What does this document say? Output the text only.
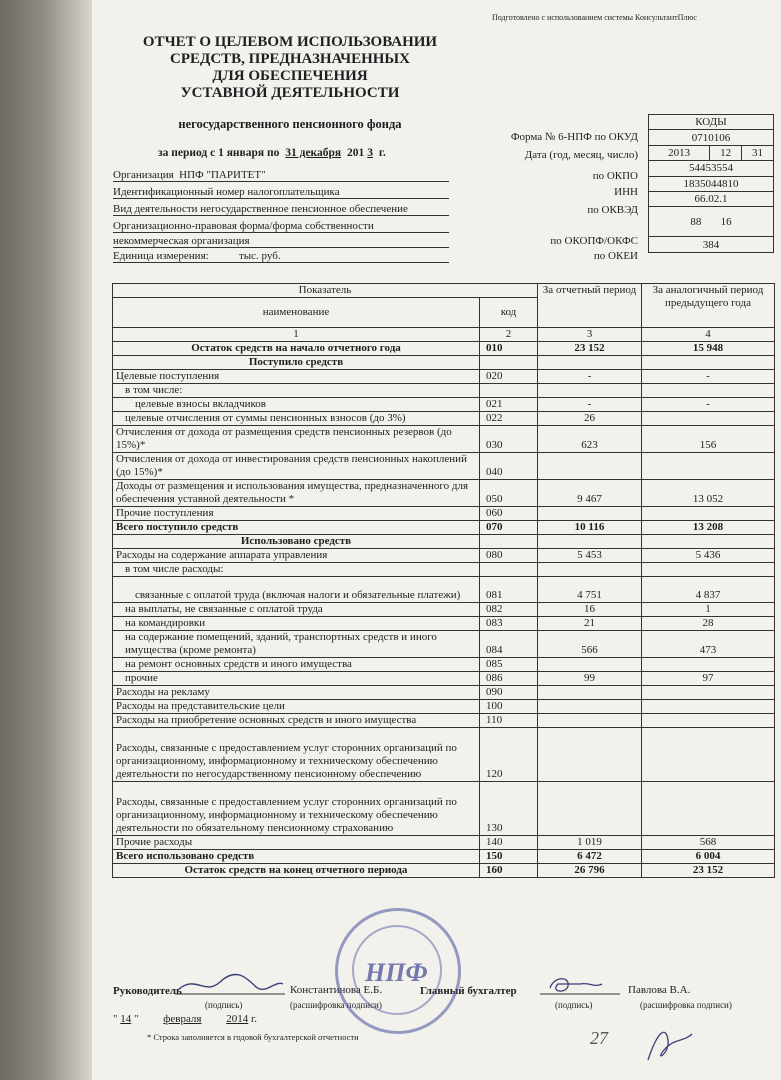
Подготовлено с использованием системы КонсультантПлюс
ОТЧЕТ О ЦЕЛЕВОМ ИСПОЛЬЗОВАНИИ
СРЕДСТВ, ПРЕДНАЗНАЧЕННЫХ
ДЛЯ ОБЕСПЕЧЕНИЯ
УСТАВНОЙ ДЕЯТЕЛЬНОСТИ
негосударственного пенсионного фонда
за период с 1 января по 31 декабря 201 3 г.
Форма № 6-НПФ по ОКУД
Дата (год, месяц, число)
по ОКПО
ИНН
по ОКВЭД
по ОКОПФ/ОКФС
по ОКЕИ
КОДЫ
0710106
2013	12	31
54453554
1835044810
66.02.1
88 16
384
Организация НПФ "ПАРИТЕТ"
Идентификационный номер налогоплательщика
Вид деятельности негосударственное пенсионное обеспечение
Организационно-правовая форма/форма собственности
некоммерческая организация
Единица измерения:	тыс. руб.
Показатель		За отчетный период	За аналогичный период предыдущего года
наименование	код		
1	2	3	4
Остаток средств на начало отчетного года	010	23 152	15 948
Поступило средств			
Целевые поступления	020	-	-
в том числе:			
целевые взносы вкладчиков	021	-	-
целевые отчисления от суммы пенсионных взносов (до 3%)	022	26	
Отчисления от дохода от размещения средств пенсионных резервов (до 15%)*	030	623	156
Отчисления от дохода от инвестирования средств пенсионных накоплений (до 15%)*	040		
Доходы от размещения и использования имущества, предназначенного для обеспечения уставной деятельности *	050	9 467	13 052
Прочие поступления	060		
Всего поступило средств	070	10 116	13 208
Использовано средств			
Расходы на содержание аппарата управления	080	5 453	5 436
в том числе расходы:			
связанные с оплатой труда (включая налоги и обязательные платежи)	081	4 751	4 837
на выплаты, не связанные с оплатой труда	082	16	1
на командировки	083	21	28
на содержание помещений, зданий, транспортных средств и иного имущества (кроме ремонта)	084	566	473
на ремонт основных средств и иного имущества	085		
прочие	086	99	97
Расходы на рекламу	090		
Расходы на представительские цели	100		
Расходы на приобретение основных средств и иного имущества	110		
Расходы, связанные с предоставлением услуг сторонних организаций по организационному, информационному и техническому обеспечению деятельности по негосударственному пенсионному обеспечению	120		
Расходы, связанные с предоставлением услуг сторонних организаций по организационному, информационному и техническому обеспечению деятельности по обязательному пенсионному страхованию	130		
Прочие расходы	140	1 019	568
Всего использовано средств	150	6 472	6 004
Остаток средств на конец отчетного периода	160	26 796	23 152
Руководитель	Константинова Е.Б.	Главный бухгалтер	Павлова В.А.
(подпись)	(расшифровка подписи)	(подпись)	(расшифровка подписи)
" 14 "         февраля 2014 г.
НПФ
27
* Строка заполняется в годовой бухгалтерской отчетности
